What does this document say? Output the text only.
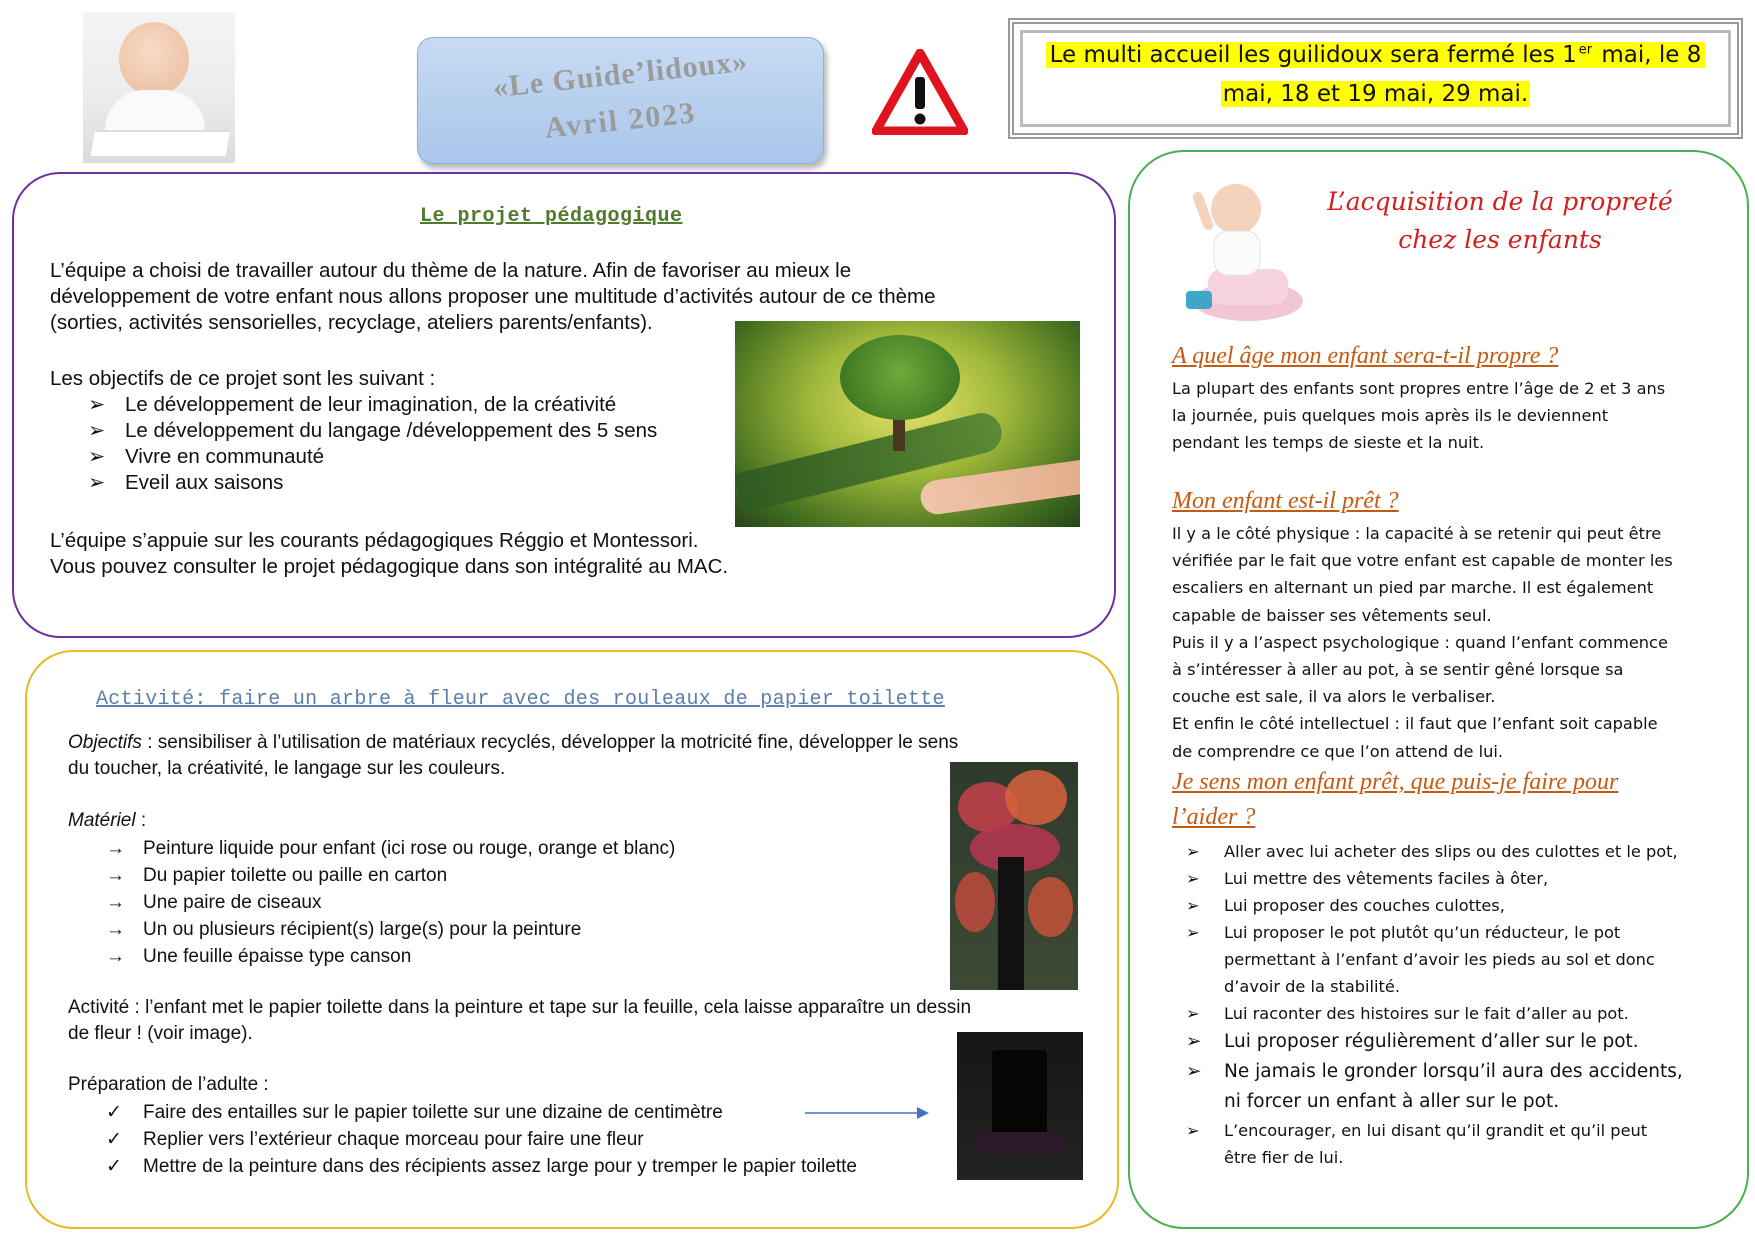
«Le Guide’lidoux»
Avril 2023
Le multi accueil les guilidoux sera fermé les 1 $^{er}$ mai, le 8
mai, 18 et 19 mai, 29 mai.
Le projet pédagogique
L’équipe a choisi de travailler autour du thème de la nature. Afin de favoriser au mieux le
développement de votre enfant nous allons proposer une multitude d’activités autour de ce thème
(sorties, activités sensorielles, recyclage, ateliers parents/enfants).
Les objectifs de ce projet sont les suivant :
➢ Le développement de leur imagination, de la créativité
➢ Le développement du langage /développement des 5 sens
➢ Vivre en communauté
➢ Eveil aux saisons
L’équipe s’appuie sur les courants pédagogiques Réggio et Montessori.
Vous pouvez consulter le projet pédagogique dans son intégralité au MAC.
Activité: faire un arbre à fleur avec des rouleaux de papier toilette
Objectifs : sensibiliser à l’utilisation de matériaux recyclés, développer la motricité fine, développer le sens
du toucher, la créativité, le langage sur les couleurs.
Matériel :
→ Peinture liquide pour enfant (ici rose ou rouge, orange et blanc)
→ Du papier toilette ou paille en carton
→ Une paire de ciseaux
→ Un ou plusieurs récipient(s) large(s) pour la peinture
→ Une feuille épaisse type canson
Activité : l’enfant met le papier toilette dans la peinture et tape sur la feuille, cela laisse apparaître un dessin
de fleur ! (voir image).
Préparation de l’adulte :
✓ Faire des entailles sur le papier toilette sur une dizaine de centimètre
✓ Replier vers l’extérieur chaque morceau pour faire une fleur
✓ Mettre de la peinture dans des récipients assez large pour y tremper le papier toilette
L’acquisition de la propreté
chez les enfants
A quel âge mon enfant sera-t-il propre ?
La plupart des enfants sont propres entre l’âge de 2 et 3 ans
la journée, puis quelques mois après ils le deviennent
pendant les temps de sieste et la nuit.
Mon enfant est-il prêt ?
Il y a le côté physique : la capacité à se retenir qui peut être
vérifiée par le fait que votre enfant est capable de monter les
escaliers en alternant un pied par marche. Il est également
capable de baisser ses vêtements seul.
Puis il y a l’aspect psychologique : quand l’enfant commence
à s’intéresser à aller au pot, à se sentir gêné lorsque sa
couche est sale, il va alors le verbaliser.
Et enfin le côté intellectuel : il faut que l’enfant soit capable
de comprendre ce que l’on attend de lui.
Je sens mon enfant prêt, que puis-je faire pour
l’aider ?
➢ Aller avec lui acheter des slips ou des culottes et le pot,
➢ Lui mettre des vêtements faciles à ôter,
➢ Lui proposer des couches culottes,
➢ Lui proposer le pot plutôt qu’un réducteur, le pot
permettant à l’enfant d’avoir les pieds au sol et donc
d’avoir de la stabilité.
➢ Lui raconter des histoires sur le fait d’aller au pot.
➢ Lui proposer régulièrement d’aller sur le pot.
➢ Ne jamais le gronder lorsqu’il aura des accidents,
ni forcer un enfant à aller sur le pot.
➢ L’encourager, en lui disant qu’il grandit et qu’il peut
être fier de lui.
